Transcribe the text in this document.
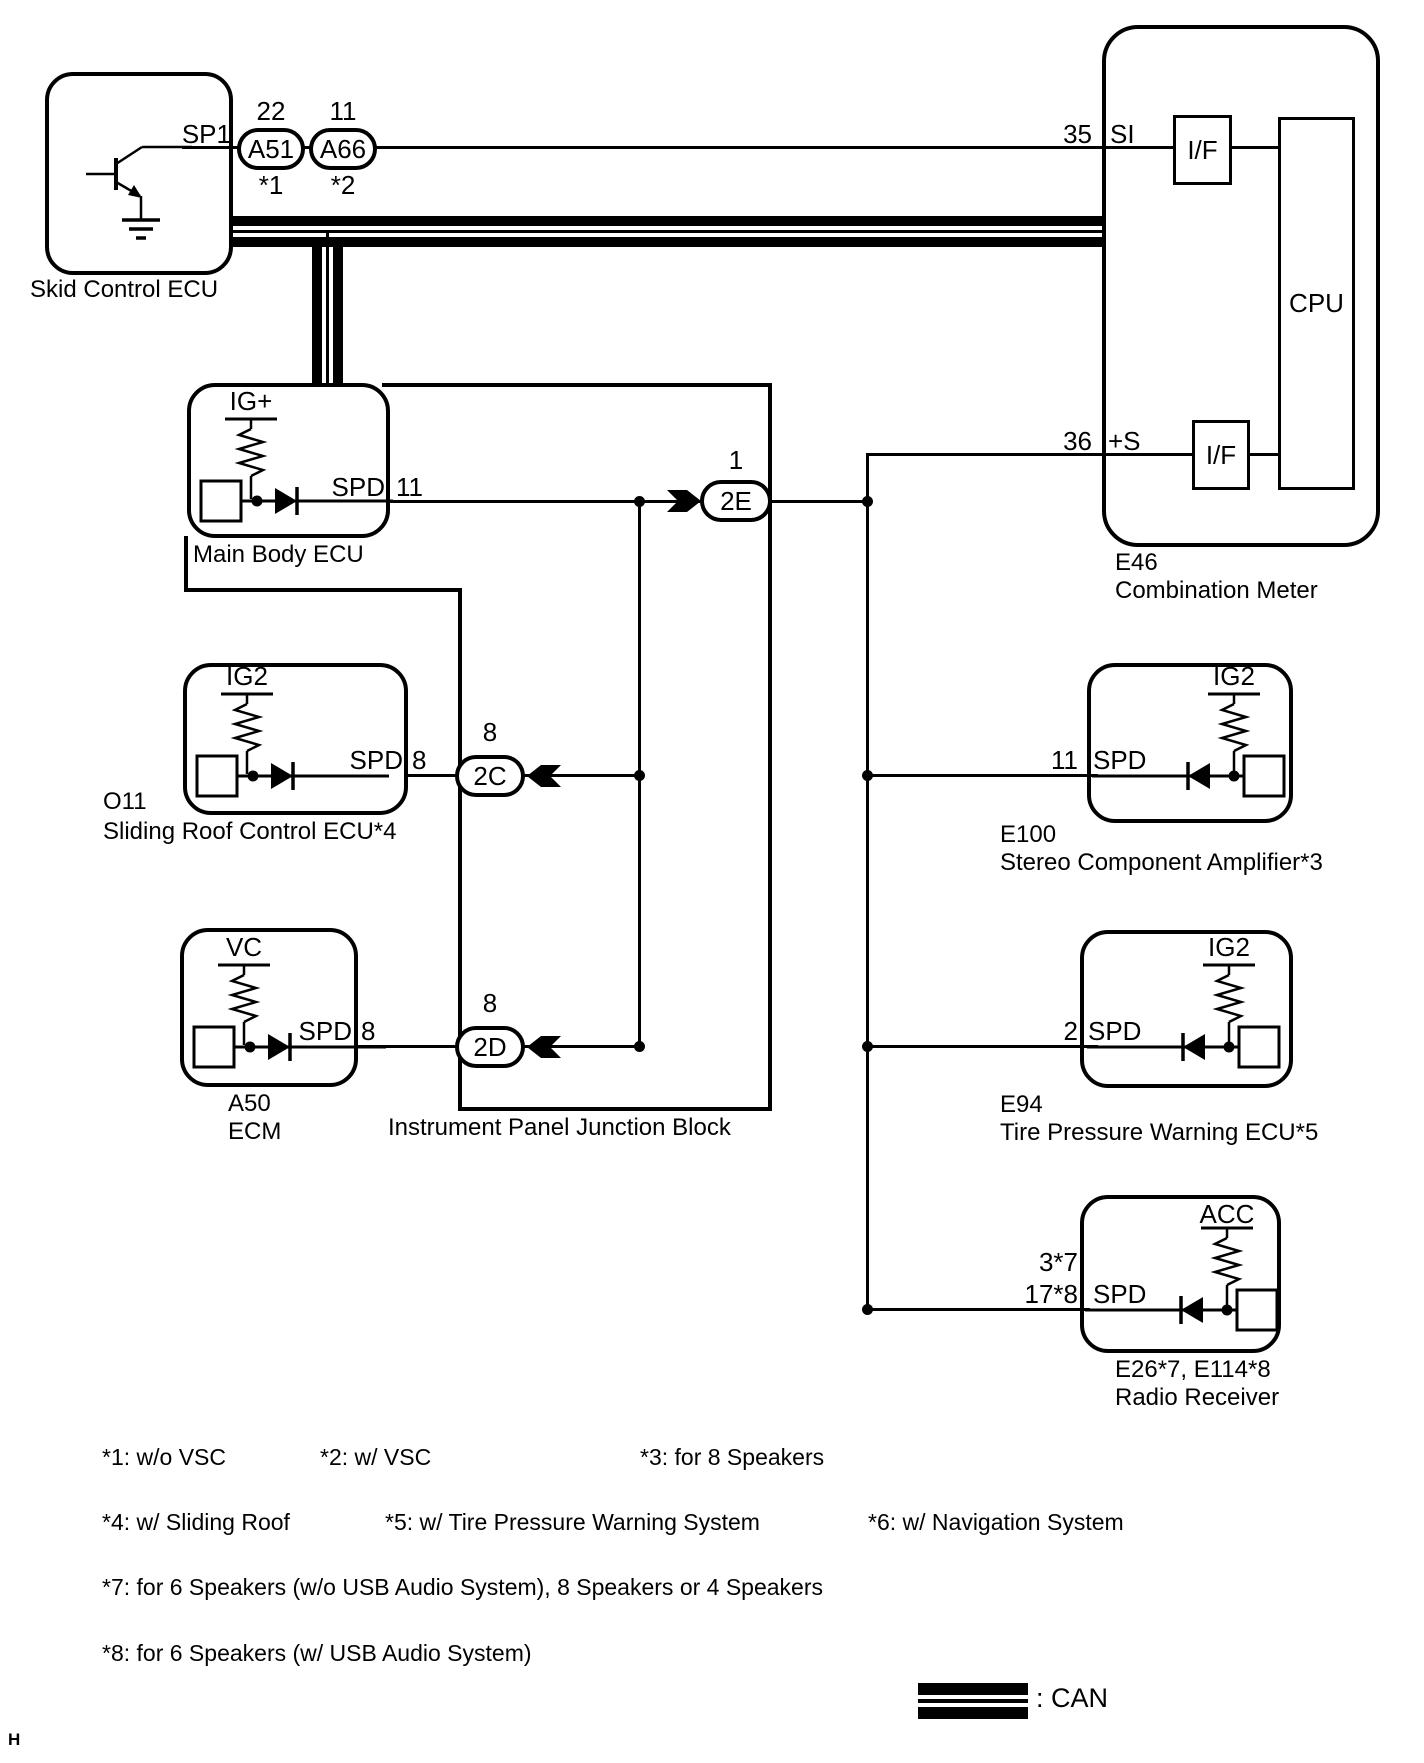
I/F
I/F
CPU
A51 A66
2E
2C
2D
SP1
Skid Control ECU
22 11
*1 *2
35 SI
36 +S
E46
Combination Meter
IG+
SPD 11
Main Body ECU
1
8
8
Instrument Panel Junction Block
IG2
SPD 8
O11
Sliding Roof Control ECU*4
VC
SPD 8
A50
ECM
IG2
11 SPD
E100
Stereo Component Amplifier*3
IG2
2 SPD
E94
Tire Pressure Warning ECU*5
ACC
3*7
17*8 SPD
E26*7, E114*8
Radio Receiver
*1: w/o VSC	*2: w/ VSC	*3: for 8 Speakers
*4: w/ Sliding Roof	*5: w/ Tire Pressure Warning System	*6: w/ Navigation System
*7: for 6 Speakers (w/o USB Audio System), 8 Speakers or 4 Speakers
*8: for 6 Speakers (w/ USB Audio System)
: CAN
H
